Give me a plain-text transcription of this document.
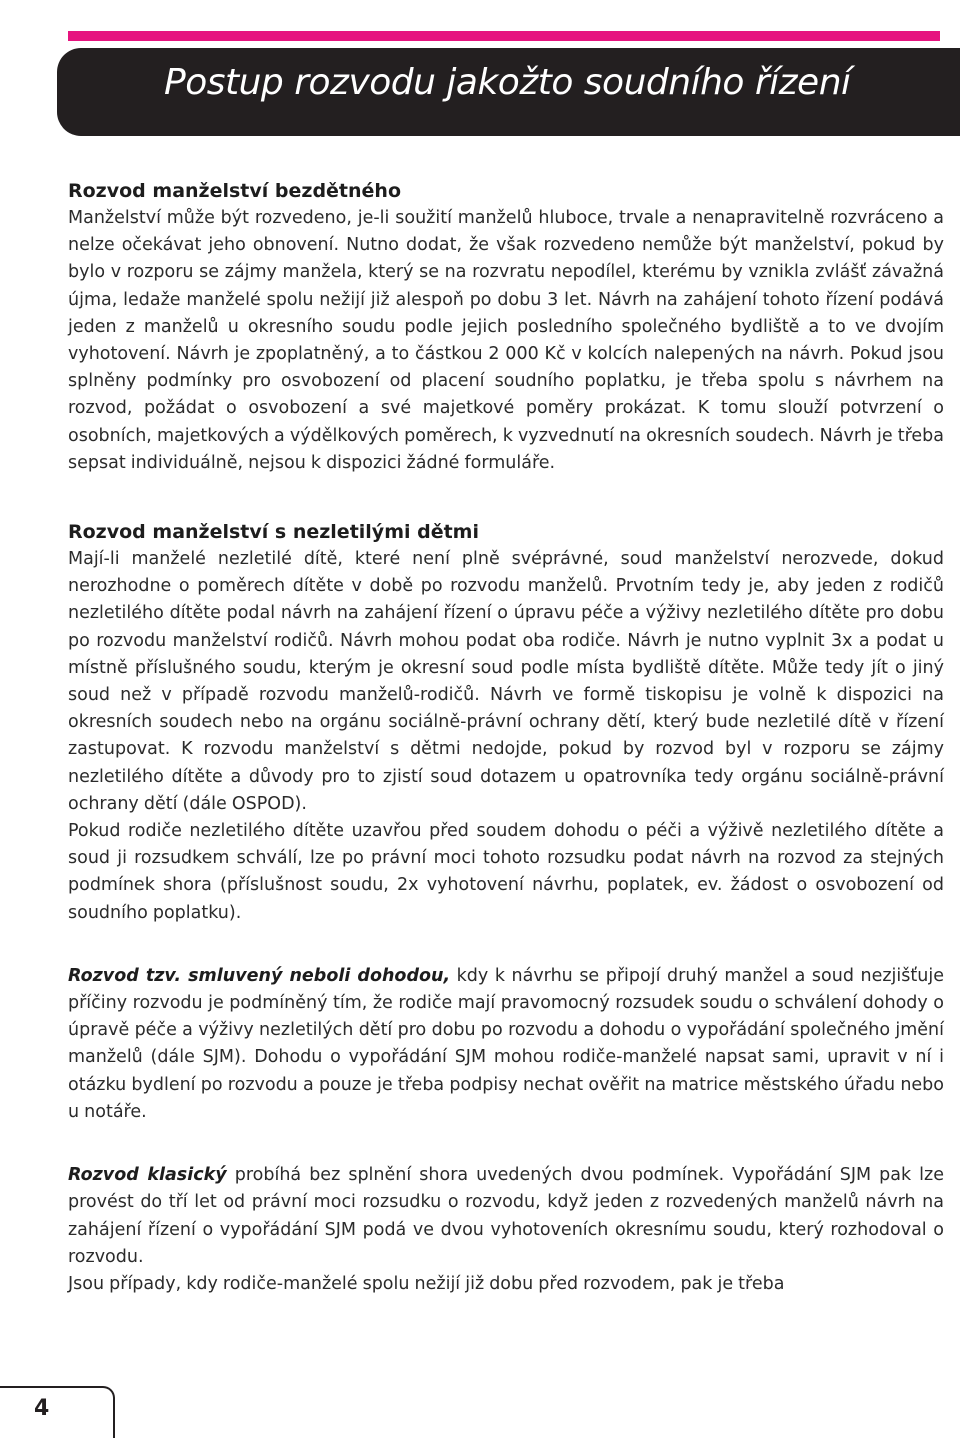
Postup rozvodu jakožto soudního řízení
Rozvod manželství bezdětného

Manželství může být rozvedeno, je-li soužití manželů hluboce, trvale a nenapravitelně rozvráceno a nelze očekávat jeho obnovení. Nutno dodat, že však rozvedeno nemůže být manželství, pokud by bylo v rozporu se zájmy manžela, který se na rozvratu nepodílel, kterému by vznikla zvlášť závažná újma, ledaže manželé spolu nežijí již alespoň po dobu 3 let. Návrh na zahájení tohoto řízení podává jeden z manželů u okresního soudu podle jejich posledního společného bydliště a to ve dvojím vyhotovení. Návrh je zpoplatněný, a to částkou 2 000 Kč v kolcích nalepených na návrh. Pokud jsou splněny podmínky pro osvobození od placení soudního poplatku, je třeba spolu s návrhem na rozvod, požádat o osvobození a své majetkové poměry prokázat. K tomu slouží potvrzení o osobních, majetkových a výdělkových poměrech, k vyzvednutí na okresních soudech. Návrh je třeba sepsat individuálně, nejsou k dispozici žádné formuláře.

Rozvod manželství s nezletilými dětmi

Mají-li manželé nezletilé dítě, které není plně svéprávné, soud manželství nerozvede, dokud nerozhodne o poměrech dítěte v době po rozvodu manželů. Prvotním tedy je, aby jeden z rodičů nezletilého dítěte podal návrh na zahájení řízení o úpravu péče a výživy nezletilého dítěte pro dobu po rozvodu manželství rodičů. Návrh mohou podat oba rodiče. Návrh je nutno vyplnit 3x a podat u místně příslušného soudu, kterým je okresní soud podle místa bydliště dítěte. Může tedy jít o jiný soud než v případě rozvodu manželů-rodičů. Návrh ve formě tiskopisu je volně k dispozici na okresních soudech nebo na orgánu sociálně-právní ochrany dětí, který bude nezletilé dítě v řízení zastupovat. K rozvodu manželství s dětmi nedojde, pokud by rozvod byl v rozporu se zájmy nezletilého dítěte a důvody pro to zjistí soud dotazem u opatrovníka tedy orgánu sociálně-právní ochrany dětí (dále OSPOD).

Pokud rodiče nezletilého dítěte uzavřou před soudem dohodu o péči a výživě nezletilého dítěte a soud ji rozsudkem schválí, lze po právní moci tohoto rozsudku podat návrh na rozvod za stejných podmínek shora (příslušnost soudu, 2x vyhotovení návrhu, poplatek, ev. žádost o osvobození od soudního poplatku).

Rozvod tzv. smluvený neboli dohodou, kdy k návrhu se připojí druhý manžel a soud nezjišťuje příčiny rozvodu je podmíněný tím, že rodiče mají pravomocný rozsudek soudu o schválení dohody o úpravě péče a výživy nezletilých dětí pro dobu po rozvodu a dohodu o vypořádání společného jmění manželů (dále SJM). Dohodu o vypořádání SJM mohou rodiče-manželé napsat sami, upravit v ní i otázku bydlení po rozvodu a pouze je třeba podpisy nechat ověřit na matrice městského úřadu nebo u notáře.

Rozvod klasický probíhá bez splnění shora uvedených dvou podmínek. Vypořádání SJM pak lze provést do tří let od právní moci rozsudku o rozvodu, když jeden z rozvedených manželů návrh na zahájení řízení o vypořádání SJM podá ve dvou vyhotoveních okresnímu soudu, který rozhodoval o rozvodu.

Jsou případy, kdy rodiče-manželé spolu nežijí již dobu před rozvodem, pak je třeba

4
